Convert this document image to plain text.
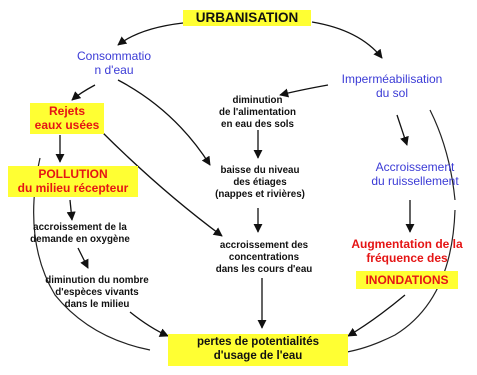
URBANISATION
Consommatio
n d'eau
Imperméabilisation
du sol
Rejets
eaux usées
diminution
de l'alimentation
en eau des sols
baisse du niveau
des étiages
(nappes et rivières)
Accroissement
du ruissellement
POLLUTION
du milieu récepteur
accroissement de la
demande en oxygène
accroissement des
concentrations
dans les cours d'eau
Augmentation de la
fréquence des
INONDATIONS
diminution du nombre
d'espèces vivants
dans le milieu
pertes de potentialités
d'usage de l'eau
